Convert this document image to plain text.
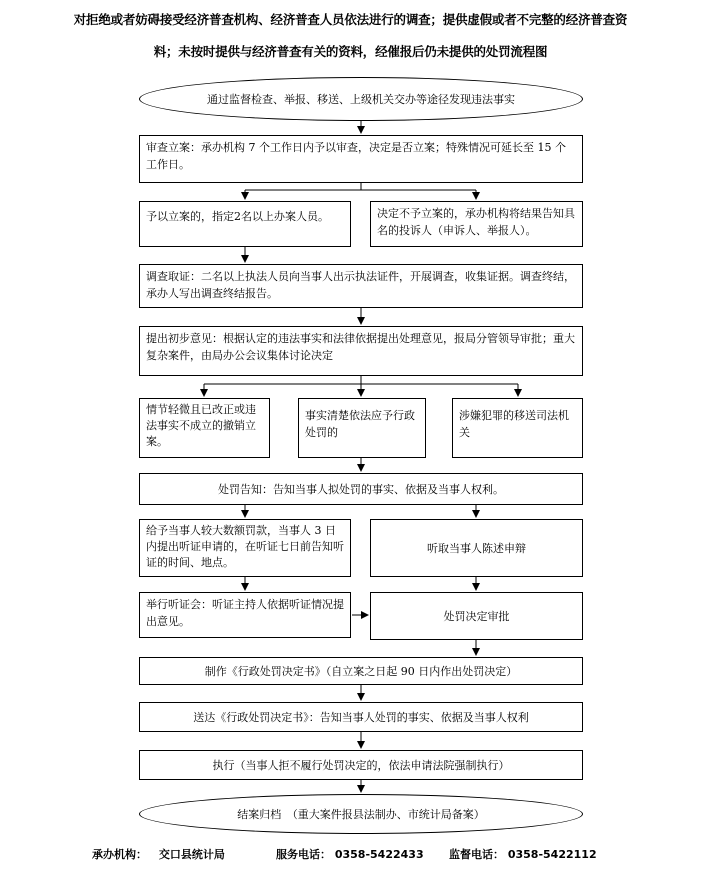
对拒绝或者妨碍接受经济普查机构、经济普查人员依法进行的调查；提供虚假或者不完整的经济普查资
料；未按时提供与经济普查有关的资料，经催报后仍未提供的处罚流程图
通过监督检查、举报、移送、上级机关交办等途径发现违法事实
审查立案：承办机构 7 个工作日内予以审查，决定是否立案；特殊情况可延长至 15 个工作日。
予以立案的，指定2名以上办案人员。	决定不予立案的，承办机构将结果告知具名的投诉人（申诉人、举报人）。
调查取证：二名以上执法人员向当事人出示执法证件，开展调查，收集证据。调查终结，承办人写出调查终结报告。
提出初步意见：根据认定的违法事实和法律依据提出处理意见，报局分管领导审批；重大复杂案件，由局办公会议集体讨论决定
情节轻微且已改正或违法事实不成立的撤销立案。
事实清楚依法应予行政处罚的
涉嫌犯罪的移送司法机关
处罚告知：告知当事人拟处罚的事实、依据及当事人权利。
给予当事人较大数额罚款，当事人 3 日内提出听证申请的，在听证七日前告知听证的时间、地点。
听取当事人陈述申辩
举行听证会：听证主持人依据听证情况提出意见。	处罚决定审批
制作《行政处罚决定书》（自立案之日起 90 日内作出处罚决定）
送达《行政处罚决定书》：告知当事人处罚的事实、依据及当事人权利
执行（当事人拒不履行处罚决定的，依法申请法院强制执行）
结案归档　（重大案件报县法制办、市统计局备案）
承办机构： 交口县统计局	服务电话： 0358-5422433 监督电话： 0358-5422112
